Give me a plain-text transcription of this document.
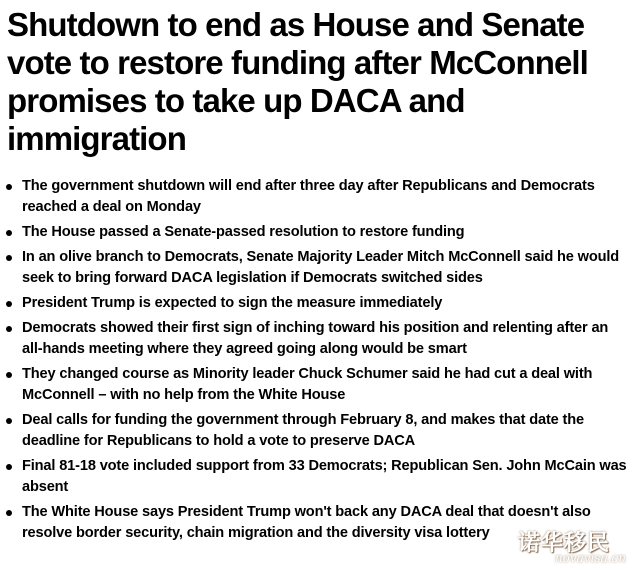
Shutdown to end as House and Senate vote to restore funding after McConnell promises to take up DACA and immigration
The government shutdown will end after three day after Republicans and Democrats reached a deal on Monday
The House passed a Senate-passed resolution to restore funding
In an olive branch to Democrats, Senate Majority Leader Mitch McConnell said he would seek to bring forward DACA legislation if Democrats switched sides
President Trump is expected to sign the measure immediately
Democrats showed their first sign of inching toward his position and relenting after an all-hands meeting where they agreed going along would be smart
They changed course as Minority leader Chuck Schumer said he had cut a deal with McConnell – with no help from the White House
Deal calls for funding the government through February 8, and makes that date the deadline for Republicans to hold a vote to preserve DACA
Final 81-18 vote included support from 33 Democrats; Republican Sen. John McCain was absent
The White House says President Trump won't back any DACA deal that doesn't also resolve border security, chain migration and the diversity visa lottery	诺华移民
novavisa.cn
